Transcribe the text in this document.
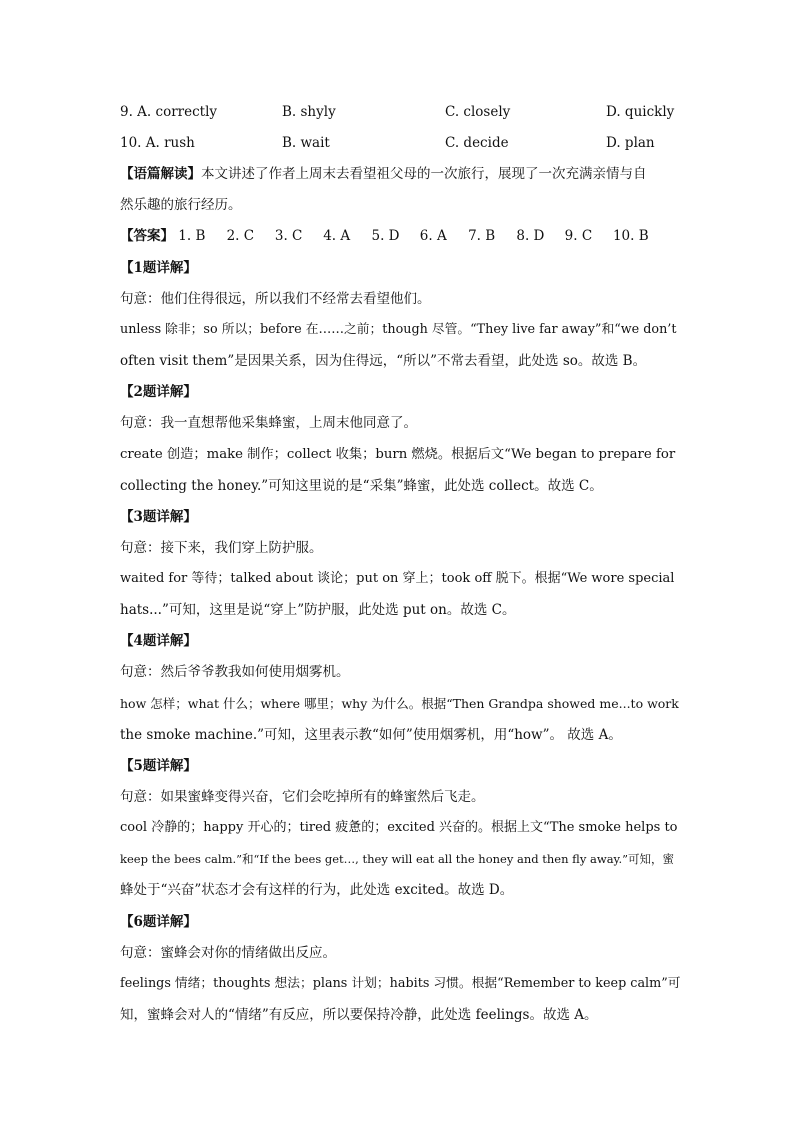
9. A. correctly	B. shyly	C. closely	D. quickly
10. A. rush	B. wait	C. decide	D. plan
【语篇解读】本文讲述了作者上周末去看望祖父母的一次旅行，展现了一次充满亲情与自
然乐趣的旅行经历。
【答案】 1. B 2. C 3. C 4. A 5. D 6. A 7. B 8. D 9. C 10. B
【1题详解】
句意：他们住得很远，所以我们不经常去看望他们。
unless 除非；so 所以；before 在……之前；though 尽管。“They live far away”和“we don’t
often visit them”是因果关系，因为住得远，“所以”不常去看望，此处选 so。故选 B。
【2题详解】
句意：我一直想帮他采集蜂蜜，上周末他同意了。
create 创造；make 制作；collect 收集；burn 燃烧。根据后文“We began to prepare for
collecting the honey.”可知这里说的是“采集”蜂蜜，此处选 collect。故选 C。
【3题详解】
句意：接下来，我们穿上防护服。
waited for 等待；talked about 谈论；put on 穿上；took off 脱下。根据“We wore special
hats...”可知，这里是说“穿上”防护服，此处选 put on。故选 C。
【4题详解】
句意：然后爷爷教我如何使用烟雾机。
how 怎样；what 什么；where 哪里；why 为什么。根据“Then Grandpa showed me...to work
the smoke machine.”可知，这里表示教“如何”使用烟雾机，用“how”。 故选 A。
【5题详解】
句意：如果蜜蜂变得兴奋，它们会吃掉所有的蜂蜜然后飞走。
cool 冷静的；happy 开心的；tired 疲惫的；excited 兴奋的。根据上文“The smoke helps to
keep the bees calm.”和“If the bees get…, they will eat all the honey and then fly away.”可知，蜜
蜂处于“兴奋”状态才会有这样的行为，此处选 excited。故选 D。
【6题详解】
句意：蜜蜂会对你的情绪做出反应。
feelings 情绪；thoughts 想法；plans 计划；habits 习惯。根据“Remember to keep calm”可
知，蜜蜂会对人的“情绪”有反应，所以要保持冷静，此处选 feelings。故选 A。
